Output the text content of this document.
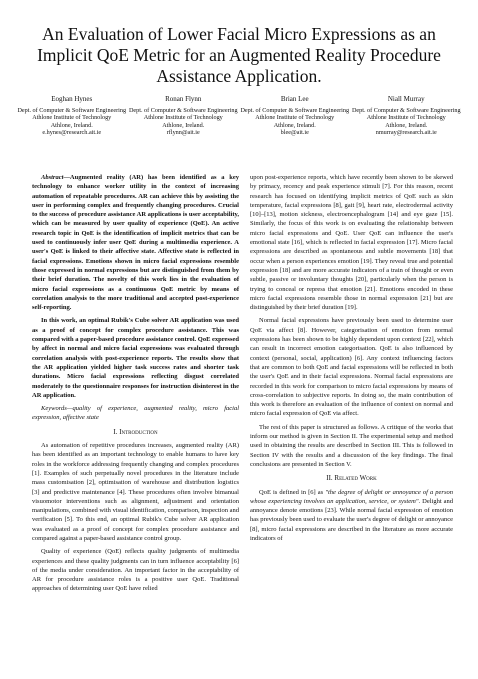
An Evaluation of Lower Facial Micro Expressions as an Implicit QoE Metric for an Augmented Reality Procedure Assistance Application.
Eoghan Hynes
Dept. of Computer & Software Engineering
Athlone Institute of Technology
Athlone, Ireland.
e.hynes@research.ait.ie
Ronan Flynn
Dept. of Computer & Software Engineering
Athlone Institute of Technology
Athlone, Ireland.
rflynn@ait.ie
Brian Lee
Dept. of Computer & Software Engineering
Athlone Institute of Technology
Athlone, Ireland.
blee@ait.ie
Niall Murray
Dept. of Computer & Software Engineering
Athlone Institute of Technology
Athlone, Ireland.
nmurray@research.ait.ie

Abstract—Augmented reality (AR) has been identified as a key technology to enhance worker utility in the context of increasing automation of repeatable procedures. AR can achieve this by assisting the user in performing complex and frequently changing procedures. Crucial to the success of procedure assistance AR applications is user acceptability, which can be measured by user quality of experience (QoE). An active research topic in QoE is the identification of implicit metrics that can be used to continuously infer user QoE during a multimedia experience. A user's QoE is linked to their affective state. Affective state is reflected in facial expressions. Emotions shown in micro facial expressions resemble those expressed in normal expressions but are distinguished from them by their brief duration. The novelty of this work lies in the evaluation of micro facial expressions as a continuous QoE metric by means of correlation analysis to the more traditional and accepted post-experience self-reporting.

In this work, an optimal Rubik's Cube solver AR application was used as a proof of concept for complex procedure assistance. This was compared with a paper-based procedure assistance control. QoE expressed by affect in normal and micro facial expressions was evaluated through correlation analysis with post-experience reports. The results show that the AR application yielded higher task success rates and shorter task durations. Micro facial expressions reflecting disgust correlated moderately to the questionnaire responses for instruction disinterest in the AR application.

Keywords—quality of experience, augmented reality, micro facial expression, affective state

I. Introduction

As automation of repetitive procedures increases, augmented reality (AR) has been identified as an important technology to enable humans to have key roles in the workforce addressing frequently changing and complex procedures [1]. Examples of such perpetually novel procedures in the literature include mass customisation [2], optimisation of warehouse and distribution logistics [3] and predictive maintenance [4]. These procedures often involve bimanual visuomotor interventions such as alignment, adjustment and orientation manipulations, combined with visual identification, comparison, inspection and verification [5]. To this end, an optimal Rubik's Cube solver AR application was evaluated as a proof of concept for complex procedure assistance and compared against a paper-based assistance control group.

Quality of experience (QoE) reflects quality judgments of multimedia experiences and these quality judgments can in turn influence acceptability [6] of the media under consideration. An important factor in the acceptability of AR for procedure assistance roles is a positive user QoE. Traditional approaches of determining user QoE have relied

upon post-experience reports, which have recently been shown to be skewed by primacy, recency and peak experience stimuli [7]. For this reason, recent research has focused on identifying implicit metrics of QoE such as skin temperature, facial expressions [8], gait [9], heart rate, electrodermal activity [10]–[13], motion sickness, electroencephalogram [14] and eye gaze [15]. Similarly, the focus of this work is on evaluating the relationship between micro facial expressions and QoE. User QoE can influence the user's emotional state [16], which is reflected in facial expression [17]. Micro facial expressions are described as spontaneous and subtle movements [18] that occur when a person experiences emotion [19]. They reveal true and potential expression [18] and are more accurate indicators of a train of thought or even subtle, passive or involuntary thoughts [20], particularly when the person is trying to conceal or repress that emotion [21]. Emotions encoded in these micro facial expressions resemble those in normal expression [21] but are distinguished by their brief duration [19].

Normal facial expressions have previously been used to determine user QoE via affect [8]. However, categorisation of emotion from normal expressions has been shown to be highly dependent upon context [22], which can result in incorrect emotion categorisation. QoE is also influenced by context (personal, social, application) [6]. Any context influencing factors that are common to both QoE and facial expressions will be reflected in both the user's QoE and in their facial expressions. Normal facial expressions are recorded in this work for comparison to micro facial expressions by means of cross-correlation to subjective reports. In doing so, the main contribution of this work is therefore an evaluation of the influence of context on normal and micro facial expression of QoE via affect.

The rest of this paper is structured as follows. A critique of the works that inform our method is given in Section II. The experimental setup and method used in obtaining the results are described in Section III. This is followed in Section IV with the results and a discussion of the key findings. The final conclusions are presented in Section V.

II. Related Work

QoE is defined in [6] as "the degree of delight or annoyance of a person whose experiencing involves an application, service, or system". Delight and annoyance denote emotions [23]. While normal facial expression of emotion has previously been used to evaluate the user's degree of delight or annoyance [8], micro facial expressions are described in the literature as more accurate indicators of
